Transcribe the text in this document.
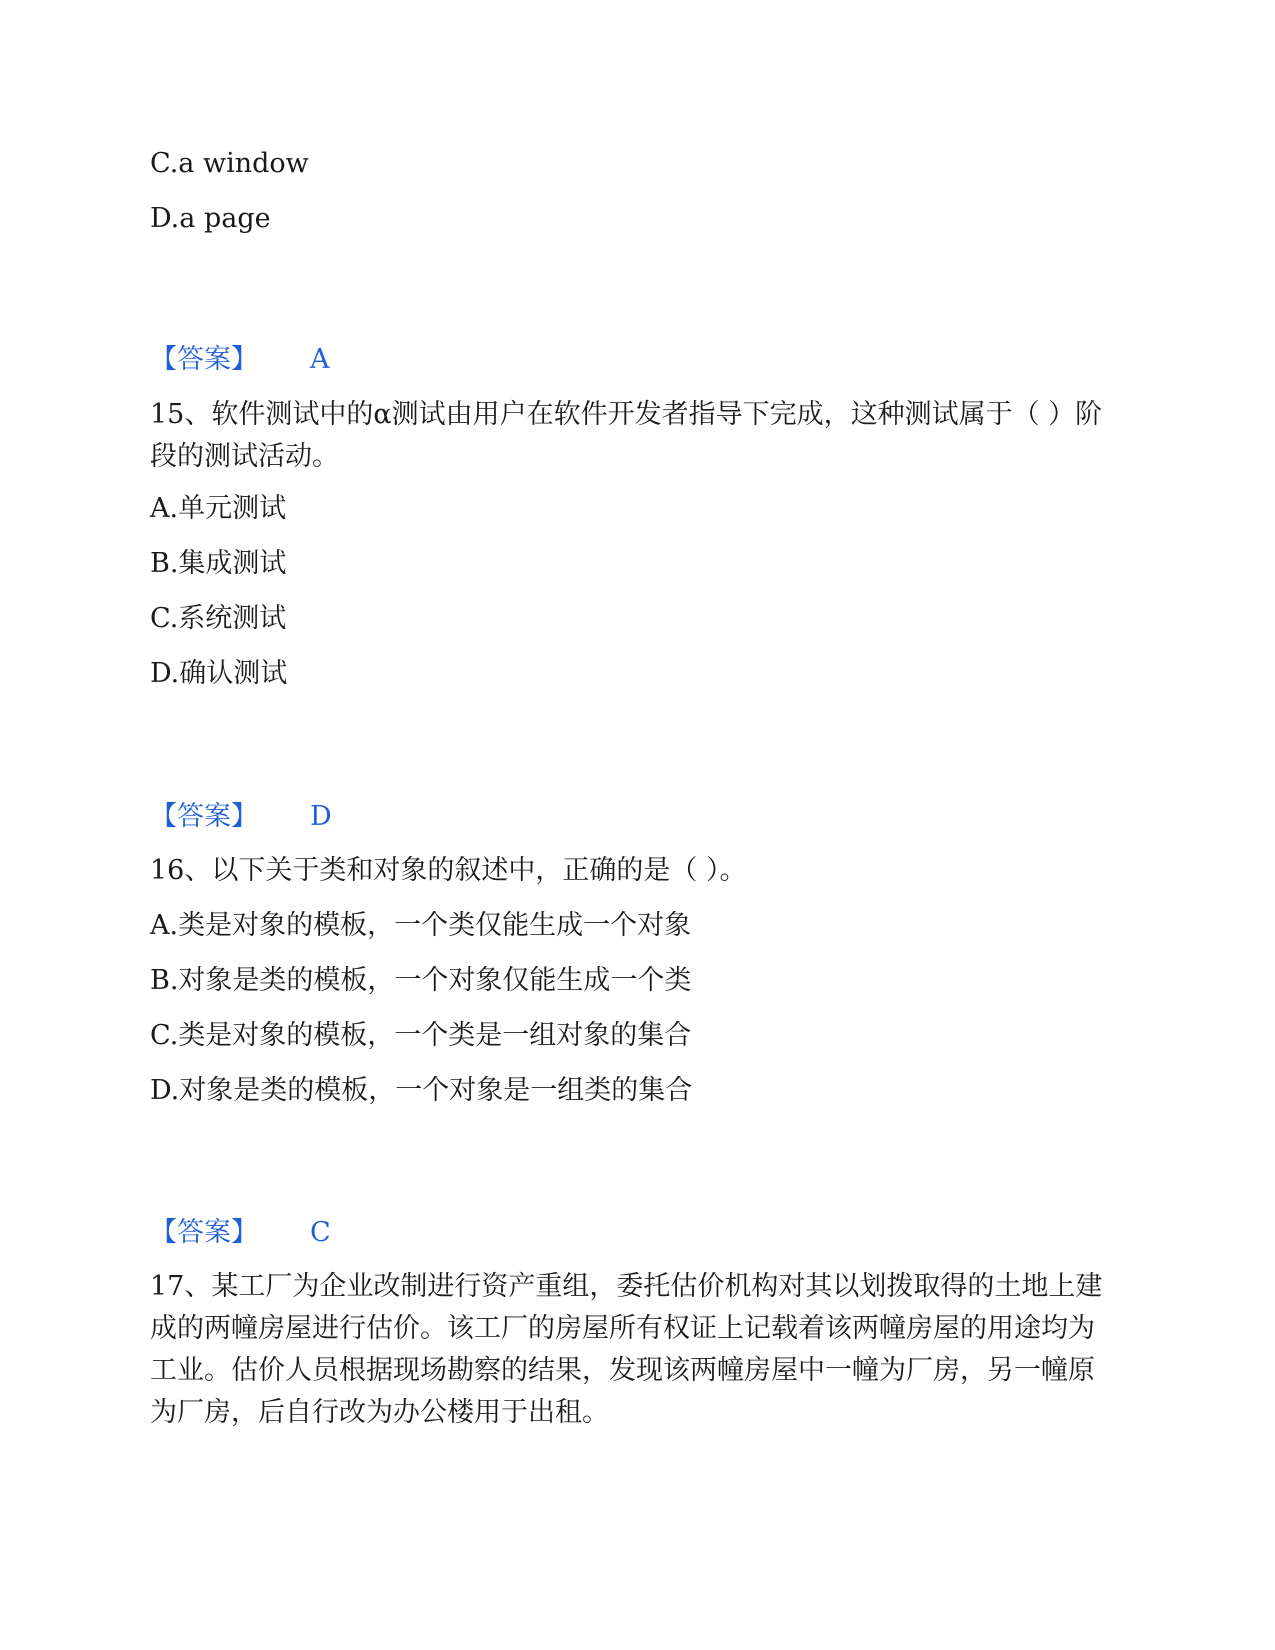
C.a window
D.a page
【答案】 A
15、软件测试中的α测试由用户在软件开发者指导下完成，这种测试属于（ ）阶段的测试活动。
A.单元测试
B.集成测试
C.系统测试
D.确认测试
【答案】 D
16、以下关于类和对象的叙述中，正确的是（ ）。
A.类是对象的模板，一个类仅能生成一个对象
B.对象是类的模板，一个对象仅能生成一个类
C.类是对象的模板，一个类是一组对象的集合
D.对象是类的模板，一个对象是一组类的集合
【答案】 C
17、某工厂为企业改制进行资产重组，委托估价机构对其以划拨取得的土地上建成的两幢房屋进行估价。该工厂的房屋所有权证上记载着该两幢房屋的用途均为工业。估价人员根据现场勘察的结果，发现该两幢房屋中一幢为厂房，另一幢原为厂房，后自行改为办公楼用于出租。
